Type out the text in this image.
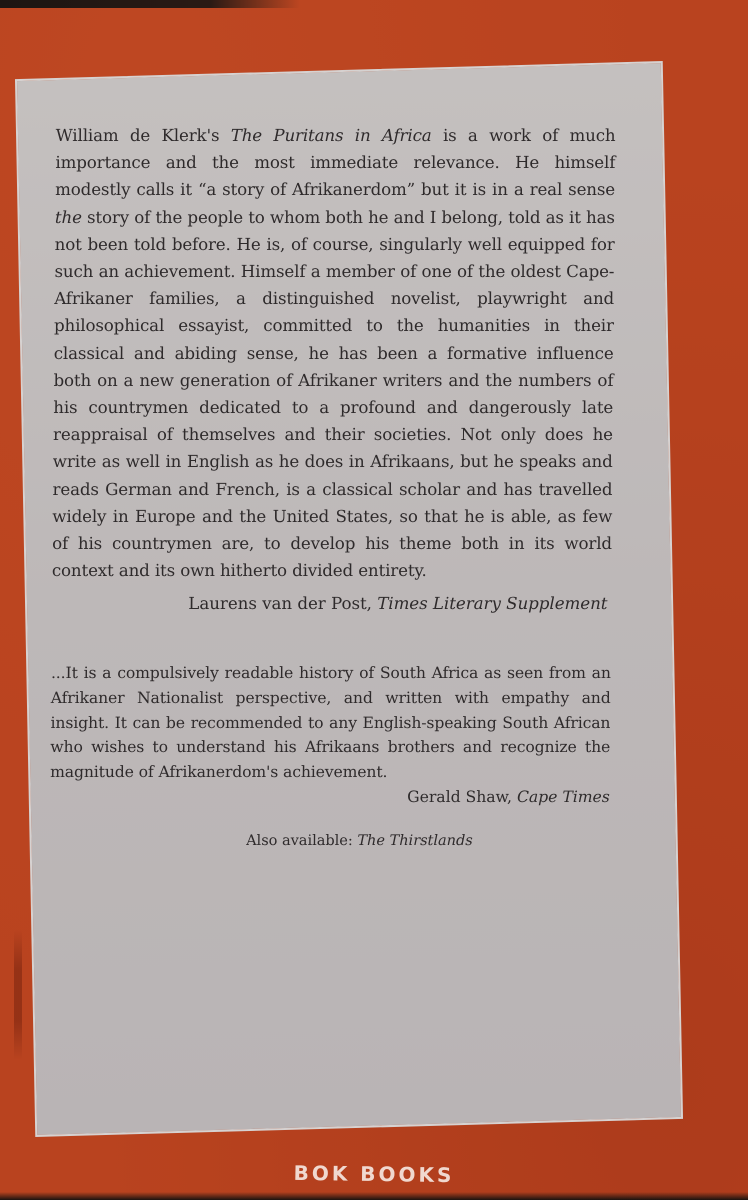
William de Klerk's The Puritans in Africa is a work of much importance and the most immediate relevance. He himself modestly calls it “a story of Afrikanerdom” but it is in a real sense the story of the people to whom both he and I belong, told as it has not been told before. He is, of course, singularly well equipped for such an achievement. Himself a member of one of the oldest Cape-Afrikaner families, a distinguished novelist, playwright and philosophical essayist, committed to the humanities in their classical and abiding sense, he has been a formative influence both on a new generation of Afrikaner writers and the numbers of his countrymen dedicated to a profound and dangerously late reappraisal of themselves and their societies. Not only does he write as well in English as he does in Afrikaans, but he speaks and reads German and French, is a classical scholar and has travelled widely in Europe and the United States, so that he is able, as few of his countrymen are, to develop his theme both in its world context and its own hitherto divided entirety.

Laurens van der Post, Times Literary Supplement

...It is a compulsively readable history of South Africa as seen from an Afrikaner Nationalist perspective, and written with empathy and insight. It can be recommended to any English-speaking South African who wishes to understand his Afrikaans brothers and recognize the magnitude of Afrikanerdom's achievement.

Gerald Shaw, Cape Times

Also available: The Thirstlands

BOK BOOKS
